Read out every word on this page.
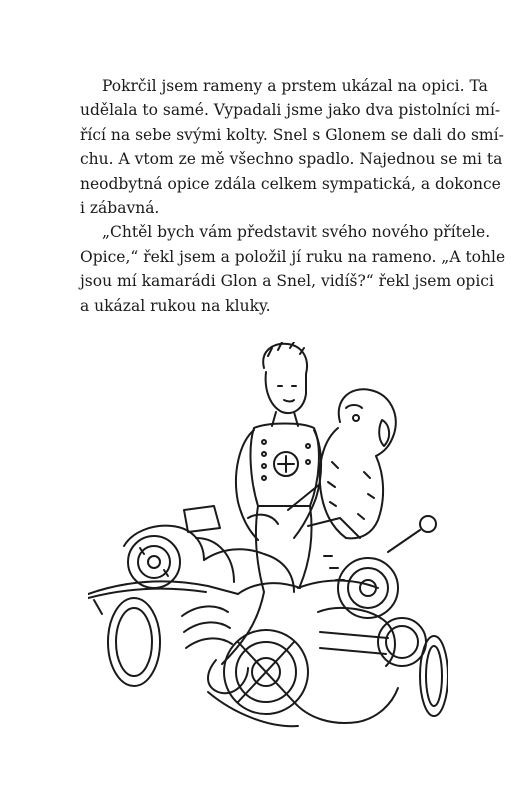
Pokrčil jsem rameny a prstem ukázal na opici. Ta
udělala to samé. Vypadali jsme jako dva pistolníci mí-
řící na sebe svými kolty. Snel s Glonem se dali do smí-
chu. A vtom ze mě všechno spadlo. Najednou se mi ta
neodbytná opice zdála celkem sympatická, a dokonce
i zábavná.
„Chtěl bych vám představit svého nového přítele.
Opice,“ řekl jsem a položil jí ruku na rameno. „A tohle
jsou mí kamarádi Glon a Snel, vidíš?“ řekl jsem opici
a ukázal rukou na kluky.
